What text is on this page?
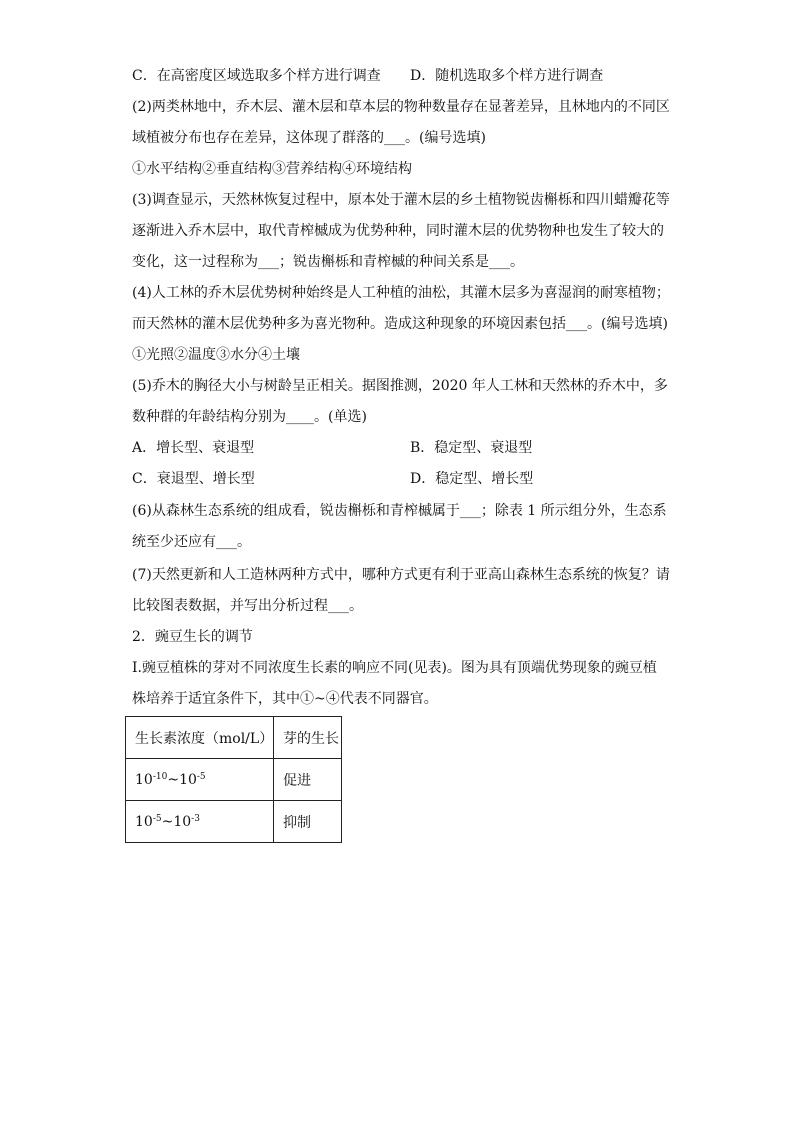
C．在高密度区域选取多个样方进行调查 D．随机选取多个样方进行调查
(2)两类林地中，乔木层、灌木层和草本层的物种数量存在显著差异，且林地内的不同区
域植被分布也存在差异，这体现了群落的___。(编号选填)
①水平结构②垂直结构③营养结构④环境结构
(3)调查显示，天然林恢复过程中，原本处于灌木层的乡土植物锐齿槲栎和四川蜡瓣花等
逐渐进入乔木层中，取代青榨槭成为优势种种，同时灌木层的优势物种也发生了较大的
变化，这一过程称为___；锐齿槲栎和青榨槭的种间关系是___。
(4)人工林的乔木层优势树种始终是人工种植的油松，其灌木层多为喜湿润的耐寒植物；
而天然林的灌木层优势种多为喜光物种。造成这种现象的环境因素包括___。(编号选填)
①光照②温度③水分④土壤
(5)乔木的胸径大小与树龄呈正相关。据图推测，2020 年人工林和天然林的乔木中，多
数种群的年龄结构分别为____。(单选)
A．增长型、衰退型	B．稳定型、衰退型
C．衰退型、增长型	D．稳定型、增长型
(6)从森林生态系统的组成看，锐齿槲栎和青榨槭属于___；除表 1 所示组分外，生态系
统至少还应有___。
(7)天然更新和人工造林两种方式中，哪种方式更有利于亚高山森林生态系统的恢复？请
比较图表数据，并写出分析过程___。
2．豌豆生长的调节
I.豌豆植株的芽对不同浓度生长素的响应不同(见表)。图为具有顶端优势现象的豌豆植
株培养于适宜条件下，其中①~④代表不同器官。
生长素浓度（mol/L）	芽的生长
$10^{-10}\sim 10^{-5}$	促进
$10^{-5}\sim 10^{-3}$	抑制
